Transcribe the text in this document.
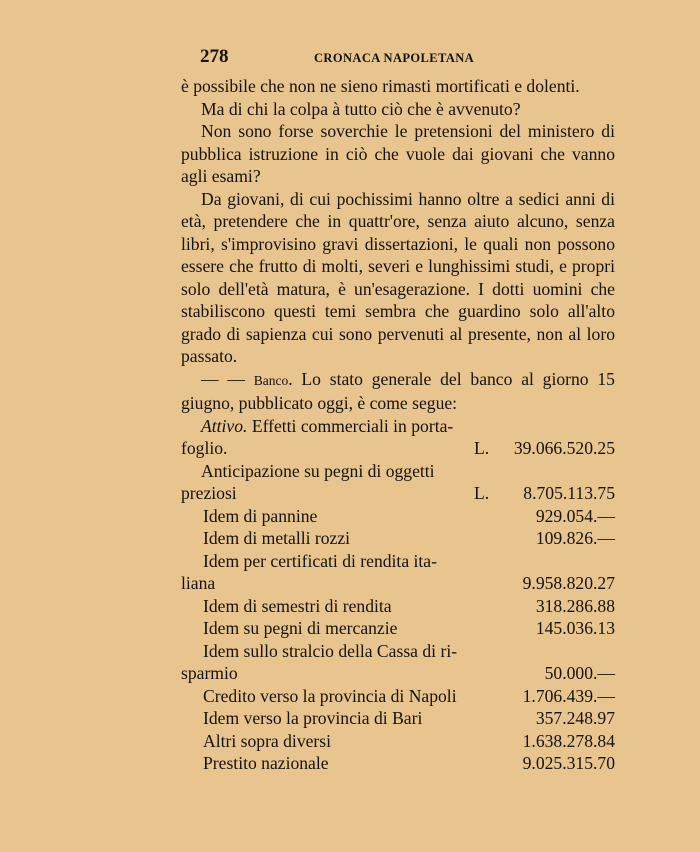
278	CRONACA NAPOLETANA

è possibile che non ne sieno rimasti mortificati e dolenti.

Ma di chi la colpa à tutto ciò che è avvenuto?

Non sono forse soverchie le pretensioni del ministero di pubblica istruzione in ciò che vuole dai giovani che vanno agli esami?

Da giovani, di cui pochissimi hanno oltre a sedici anni di età, pretendere che in quattr'ore, senza aiuto alcuno, senza libri, s'improvisino gravi dissertazioni, le quali non possono essere che frutto di molti, severi e lunghissimi studi, e propri solo dell'età matura, è un'esagerazione. I dotti uomini che stabiliscono questi temi sembra che guardino solo all'alto grado di sapienza cui sono pervenuti al presente, non al loro passato.

— — Banco. Lo stato generale del banco al giorno 15 giugno, pubblicato oggi, è come segue:

Attivo. Effetti commerciali in porta-
foglio.	L. 39.066.520.25
Anticipazione su pegni di oggetti
preziosi	L. 8.705.113.75
Idem di pannine	929.054.—
Idem di metalli rozzi	109.826.—
Idem per certificati di rendita ita-
liana	9.958.820.27
Idem di semestri di rendita	318.286.88
Idem su pegni di mercanzie	145.036.13
Idem sullo stralcio della Cassa di ri-
sparmio	50.000.—
Credito verso la provincia di Napoli	1.706.439.—
Idem verso la provincia di Bari	357.248.97
Altri sopra diversi	1.638.278.84
Prestito nazionale	9.025.315.70
